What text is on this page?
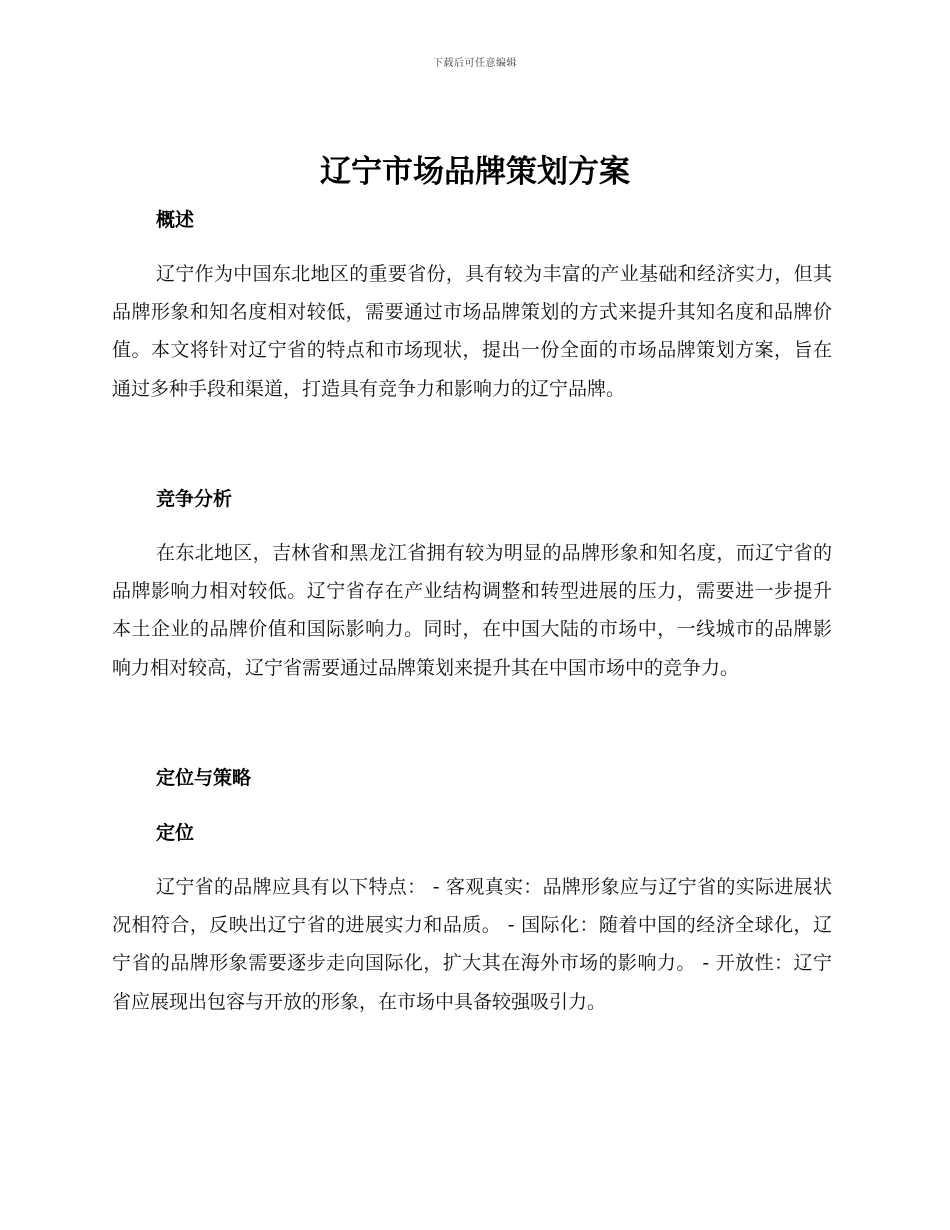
下载后可任意编辑
辽宁市场品牌策划方案
概述

辽宁作为中国东北地区的重要省份，具有较为丰富的产业基础和经济实力，但其品牌形象和知名度相对较低，需要通过市场品牌策划的方式来提升其知名度和品牌价值。本文将针对辽宁省的特点和市场现状，提出一份全面的市场品牌策划方案，旨在通过多种手段和渠道，打造具有竞争力和影响力的辽宁品牌。

竞争分析

在东北地区，吉林省和黑龙江省拥有较为明显的品牌形象和知名度，而辽宁省的品牌影响力相对较低。辽宁省存在产业结构调整和转型进展的压力，需要进一步提升本土企业的品牌价值和国际影响力。同时，在中国大陆的市场中，一线城市的品牌影响力相对较高，辽宁省需要通过品牌策划来提升其在中国市场中的竞争力。

定位与策略
定位

辽宁省的品牌应具有以下特点： - 客观真实：品牌形象应与辽宁省的实际进展状况相符合，反映出辽宁省的进展实力和品质。 - 国际化：随着中国的经济全球化，辽宁省的品牌形象需要逐步走向国际化，扩大其在海外市场的影响力。 - 开放性：辽宁省应展现出包容与开放的形象，在市场中具备较强吸引力。
